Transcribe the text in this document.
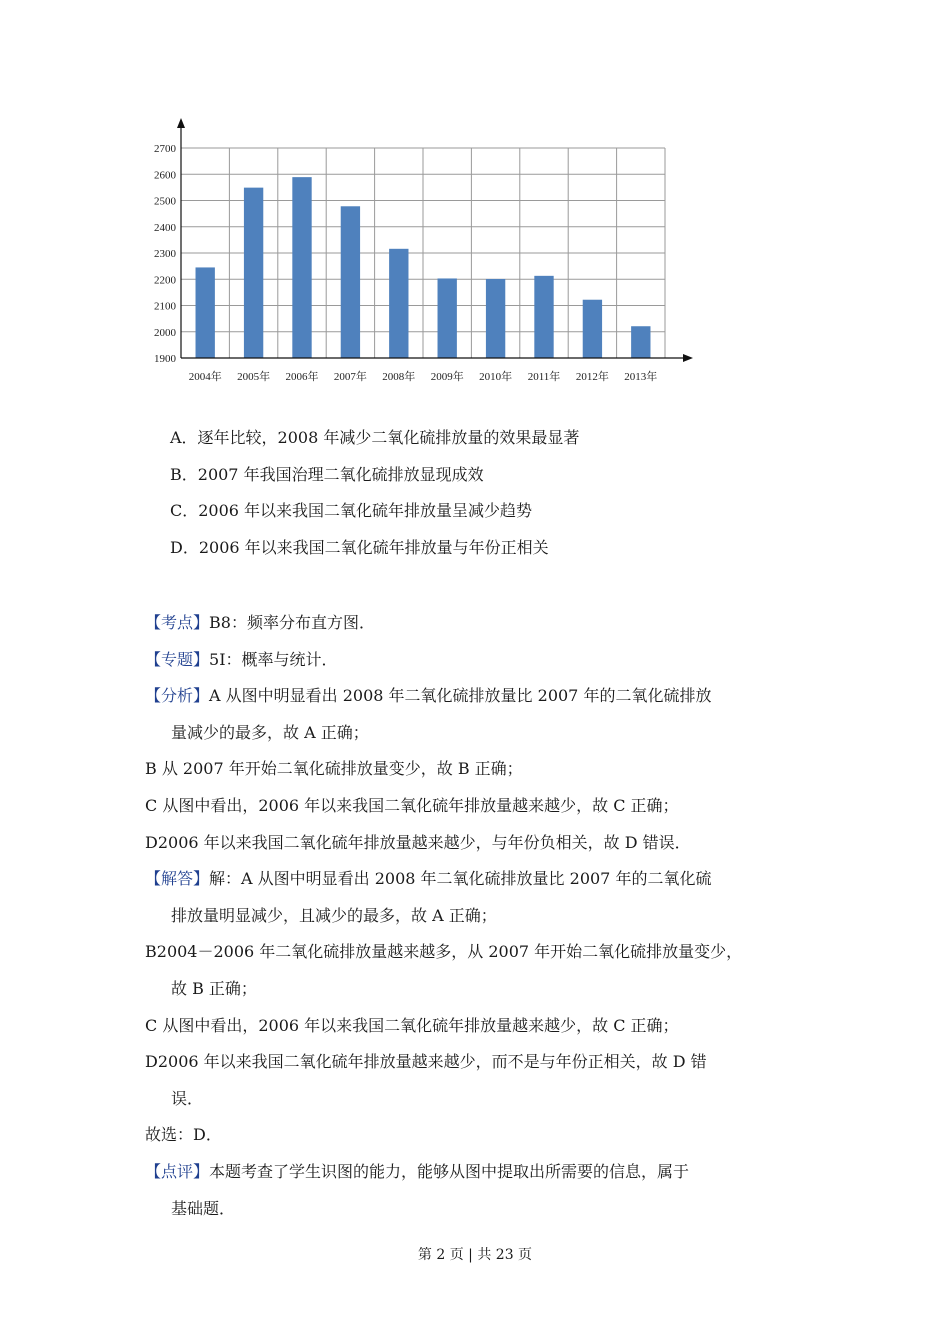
1900
2000
2100
2200
2300
2400
2500
2600
2700
2004年 2005年 2006年 2007年 2008年 2009年 2010年 2011年 2012年 2013年
A．逐年比较，2008 年减少二氧化硫排放量的效果最显著
B．2007 年我国治理二氧化硫排放显现成效
C．2006 年以来我国二氧化硫年排放量呈减少趋势
D．2006 年以来我国二氧化硫年排放量与年份正相关
【考点】B8：频率分布直方图．
【专题】5I：概率与统计．
【分析】A 从图中明显看出 2008 年二氧化硫排放量比 2007 年的二氧化硫排放
量减少的最多，故 A 正确；
B 从 2007 年开始二氧化硫排放量变少，故 B 正确；
C 从图中看出，2006 年以来我国二氧化硫年排放量越来越少，故 C 正确；
D2006 年以来我国二氧化硫年排放量越来越少，与年份负相关，故 D 错误．
【解答】解：A 从图中明显看出 2008 年二氧化硫排放量比 2007 年的二氧化硫
排放量明显减少，且减少的最多，故 A 正确；
B2004－2006 年二氧化硫排放量越来越多，从 2007 年开始二氧化硫排放量变少，
故 B 正确；
C 从图中看出，2006 年以来我国二氧化硫年排放量越来越少，故 C 正确；
D2006 年以来我国二氧化硫年排放量越来越少，而不是与年份正相关，故 D 错
误．
故选：D．
【点评】本题考查了学生识图的能力，能够从图中提取出所需要的信息，属于
基础题．
第 2 页 | 共 23 页
